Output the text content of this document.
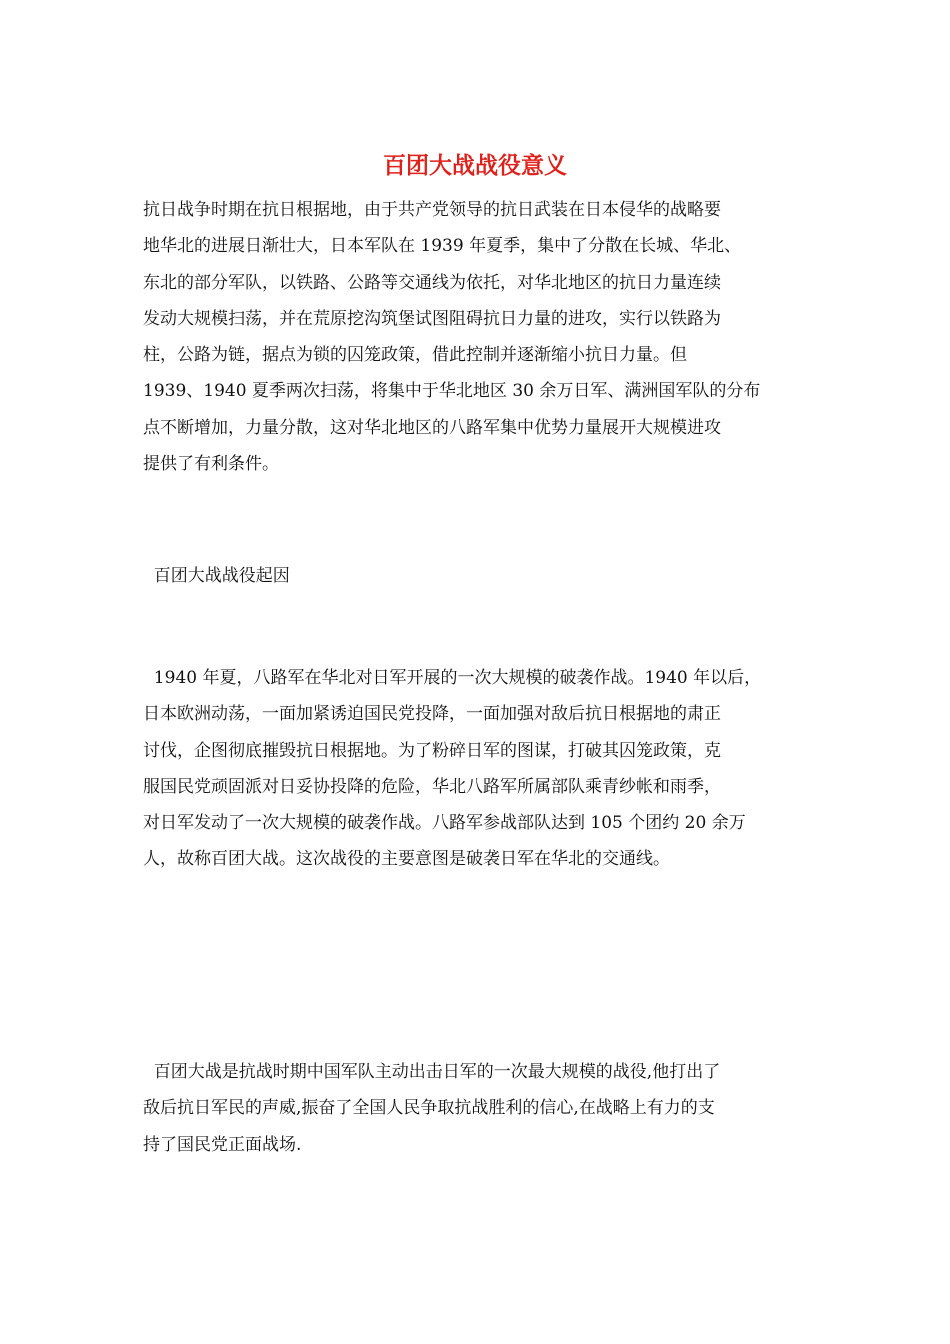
百团大战战役意义
抗日战争时期在抗日根据地，由于共产党领导的抗日武装在日本侵华的战略要
地华北的进展日渐壮大，日本军队在 1939 年夏季，集中了分散在长城、华北、
东北的部分军队，以铁路、公路等交通线为依托，对华北地区的抗日力量连续
发动大规模扫荡，并在荒原挖沟筑堡试图阻碍抗日力量的进攻，实行以铁路为
柱，公路为链，据点为锁的囚笼政策，借此控制并逐渐缩小抗日力量。但
1939、1940 夏季两次扫荡，将集中于华北地区 30 余万日军、满洲国军队的分布
点不断增加，力量分散，这对华北地区的八路军集中优势力量展开大规模进攻
提供了有利条件。
百团大战战役起因
1940 年夏，八路军在华北对日军开展的一次大规模的破袭作战。1940 年以后，
日本欧洲动荡，一面加紧诱迫国民党投降，一面加强对敌后抗日根据地的肃正
讨伐，企图彻底摧毁抗日根据地。为了粉碎日军的图谋，打破其囚笼政策，克
服国民党顽固派对日妥协投降的危险，华北八路军所属部队乘青纱帐和雨季，
对日军发动了一次大规模的破袭作战。八路军参战部队达到 105 个团约 20 余万
人，故称百团大战。这次战役的主要意图是破袭日军在华北的交通线。
百团大战是抗战时期中国军队主动出击日军的一次最大规模的战役,他打出了
敌后抗日军民的声威,振奋了全国人民争取抗战胜利的信心,在战略上有力的支
持了国民党正面战场.
